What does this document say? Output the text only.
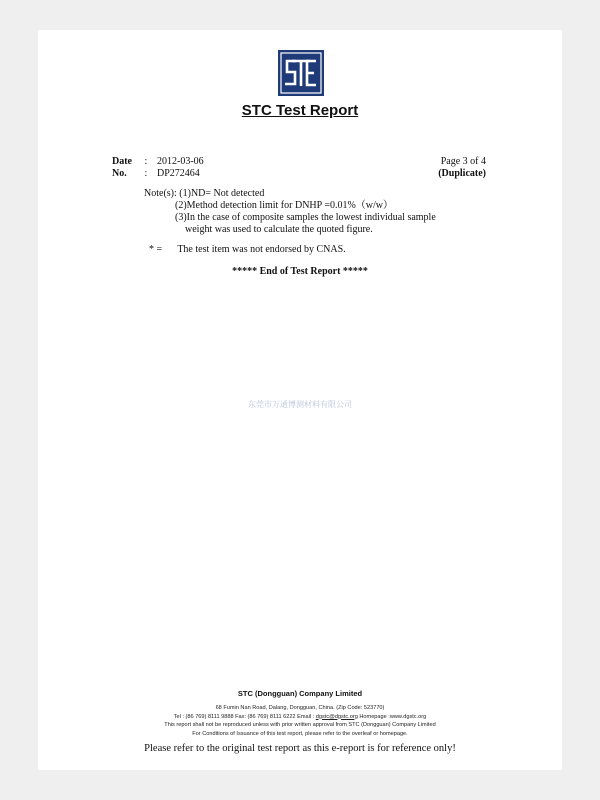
STC Test Report
Date : 2012-03-06
No. : DP272464
Page 3 of 4
(Duplicate)
Note(s): (1)ND= Not detected
(2)Method detection limit for DNHP =0.01%（w/w）
(3)In the case of composite samples the lowest individual sample
weight was used to calculate the quoted figure.
* = The test item was not endorsed by CNAS.
***** End of Test Report *****
东莞市万通博测材料有限公司
STC (Dongguan) Company Limited
68 Fumin Nan Road, Dalang, Dongguan, China. (Zip Code: 523770)
Tel : (86 769) 8111 9888 Fax: (86 769) 8111 6222 Email : dgstc@dgstc.org Homepage :www.dgstc.org
This report shall not be reproduced unless with prior written approval from STC (Dongguan) Company Limited
For Conditions of Issuance of this test report, please refer to the overleaf or homepage.
Please refer to the original test report as this e-report is for reference only!
